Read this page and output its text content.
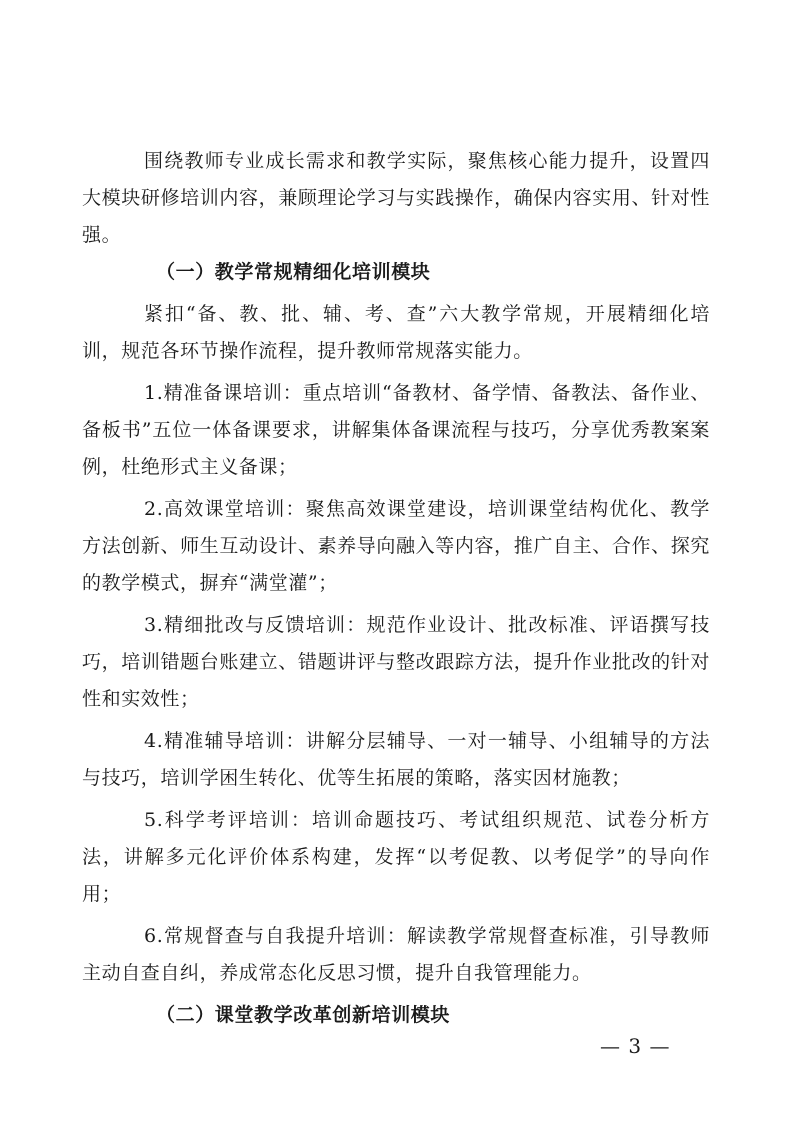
围绕教师专业成长需求和教学实际，聚焦核心能力提升，设置四大模块研修培训内容，兼顾理论学习与实践操作，确保内容实用、针对性强。

（一）教学常规精细化培训模块

紧扣“备、教、批、辅、考、查”六大教学常规，开展精细化培训，规范各环节操作流程，提升教师常规落实能力。

1.精准备课培训：重点培训“备教材、备学情、备教法、备作业、备板书”五位一体备课要求，讲解集体备课流程与技巧，分享优秀教案案例，杜绝形式主义备课；

2.高效课堂培训：聚焦高效课堂建设，培训课堂结构优化、教学方法创新、师生互动设计、素养导向融入等内容，推广自主、合作、探究的教学模式，摒弃“满堂灌”；

3.精细批改与反馈培训：规范作业设计、批改标准、评语撰写技巧，培训错题台账建立、错题讲评与整改跟踪方法，提升作业批改的针对性和实效性；

4.精准辅导培训：讲解分层辅导、一对一辅导、小组辅导的方法与技巧，培训学困生转化、优等生拓展的策略，落实因材施教；

5.科学考评培训：培训命题技巧、考试组织规范、试卷分析方法，讲解多元化评价体系构建，发挥“以考促教、以考促学”的导向作用；

6.常规督查与自我提升培训：解读教学常规督查标准，引导教师主动自查自纠，养成常态化反思习惯，提升自我管理能力。

（二）课堂教学改革创新培训模块

— 3 —
